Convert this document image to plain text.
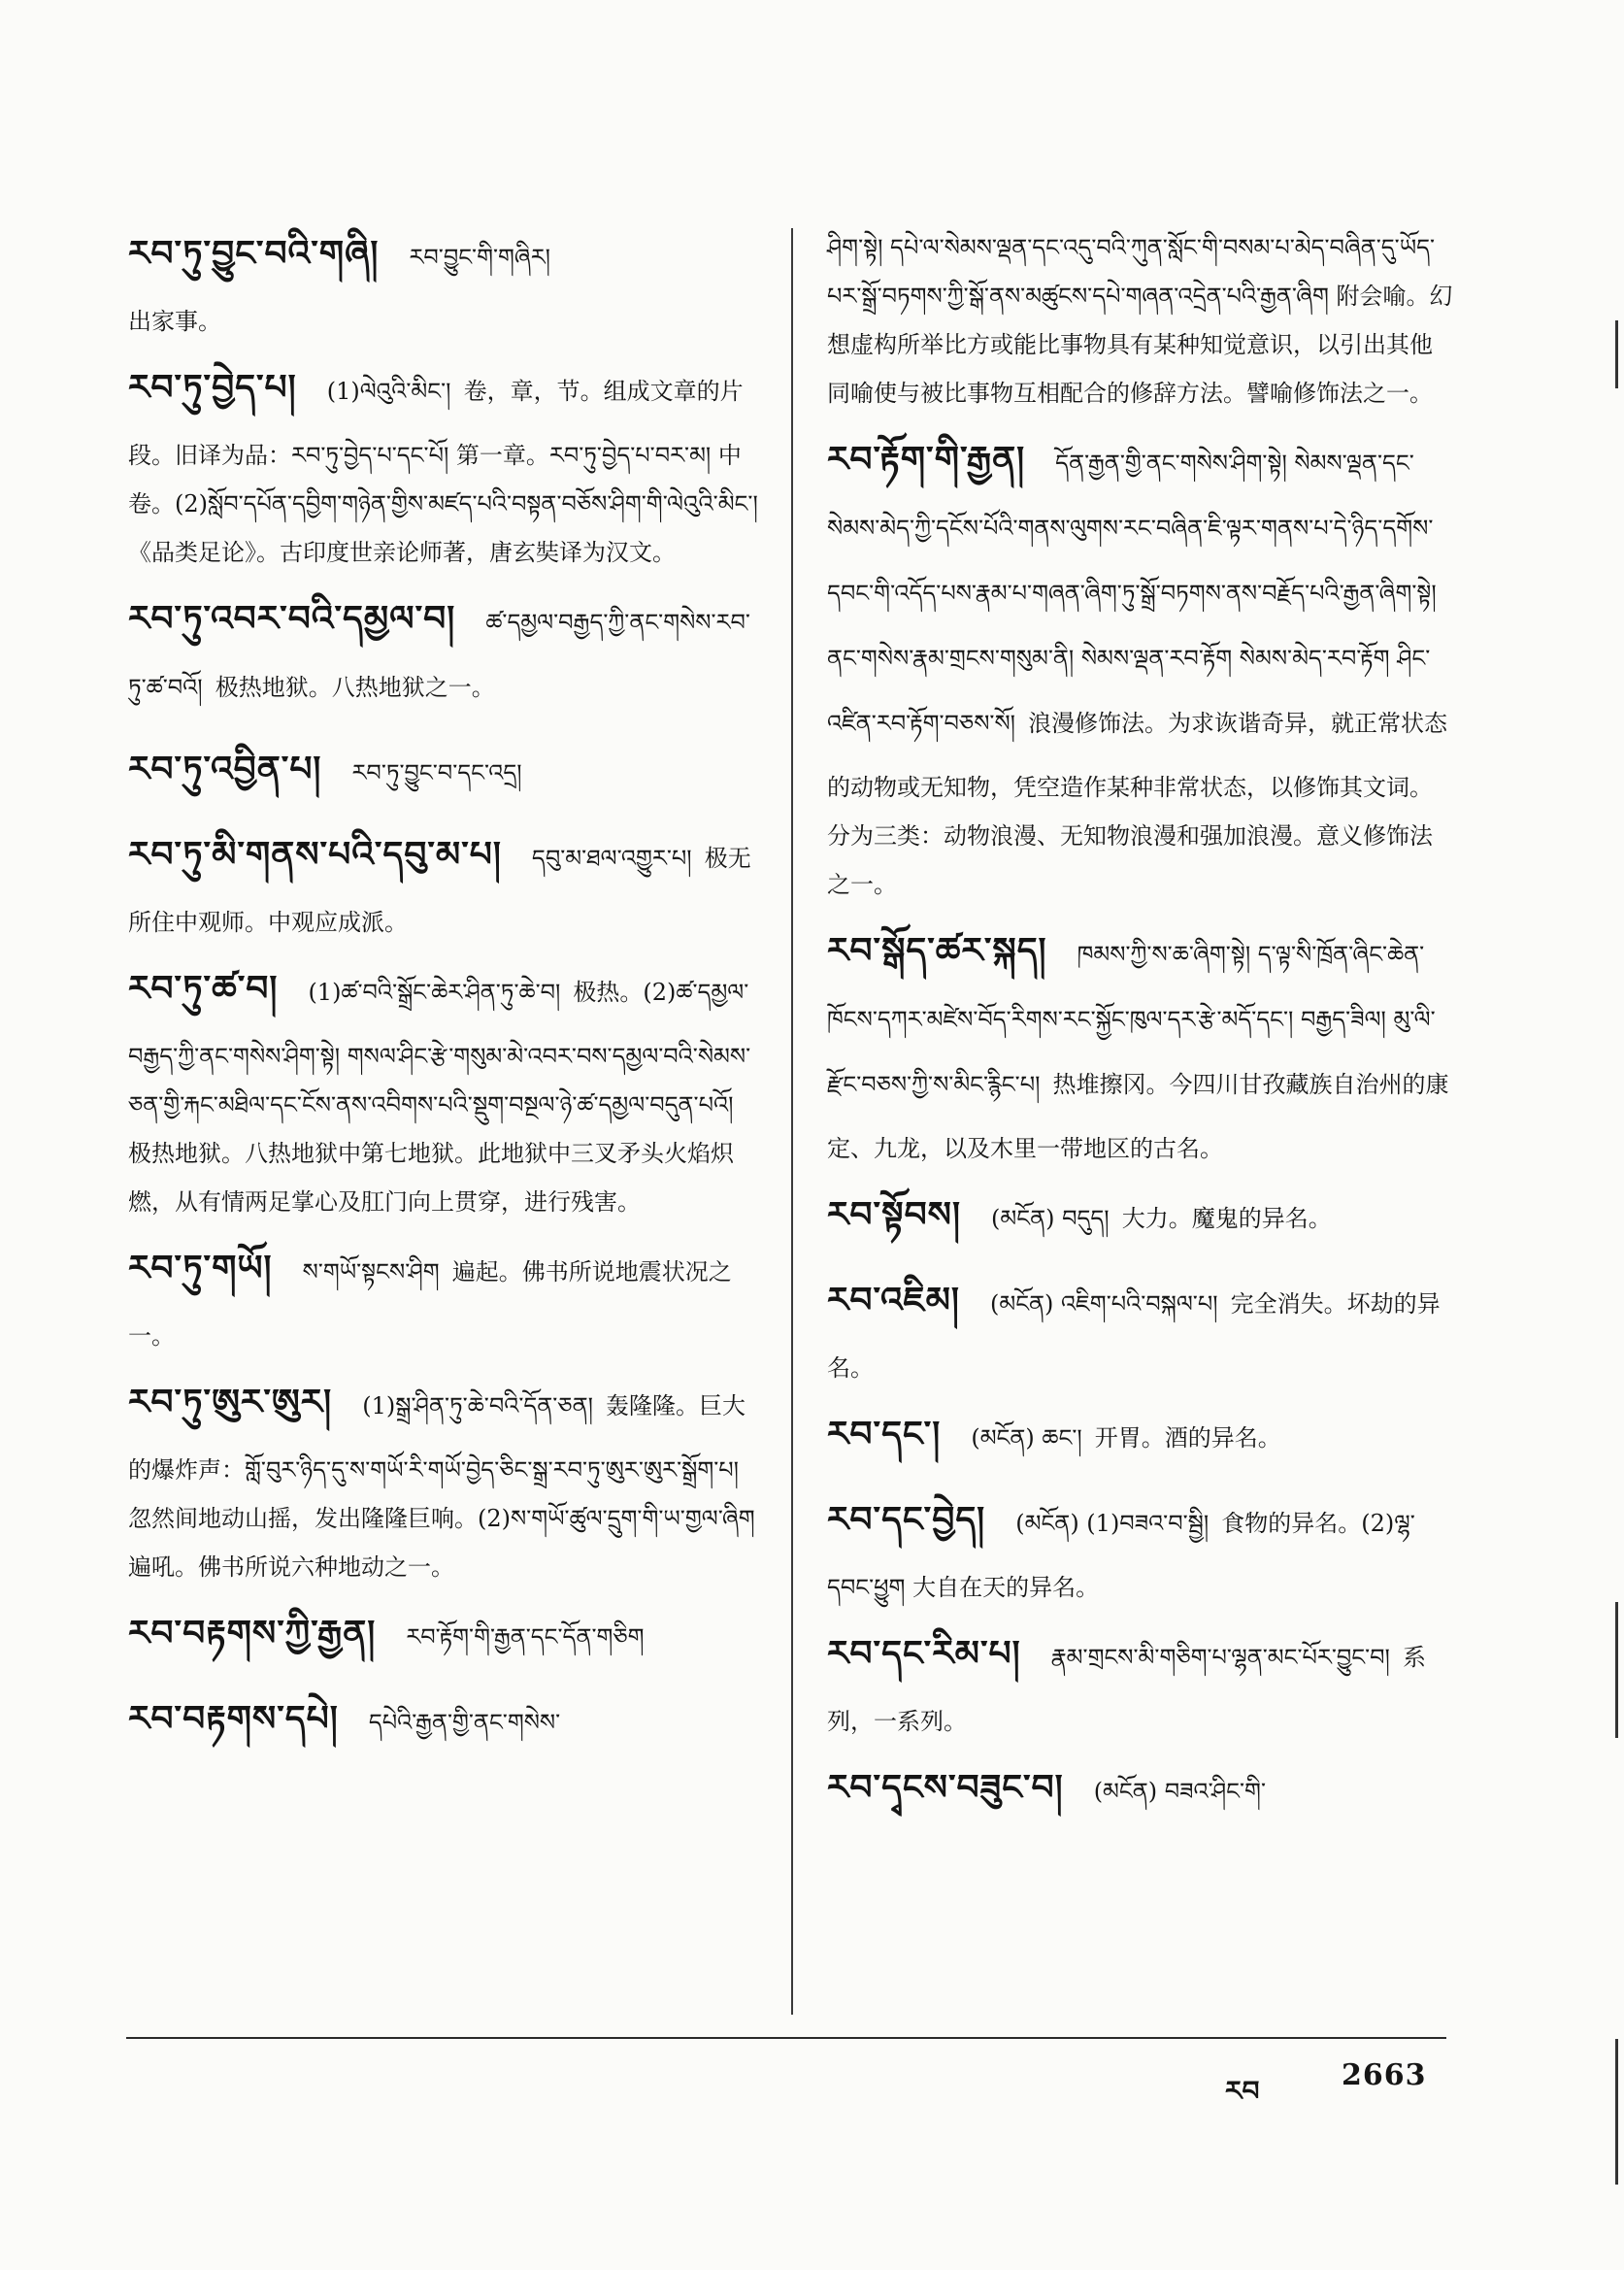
རབ་ཏུ་བྱུང་བའི་གཞི། རབ་བྱུང་གི་གཞིར།
出家事。
རབ་ཏུ་བྱེད་པ། (1)ལེའུའི་མིང་། 卷，章，节。组成文章的片段。旧译为品：རབ་ཏུ་བྱེད་པ་དང་པོ། 第一章。རབ་ཏུ་བྱེད་པ་བར་མ། 中卷。(2)སློབ་དཔོན་དབྱིག་གཉེན་གྱིས་མཛད་པའི་བསྟན་བཅོས་ཤིག་གི་ལེའུའི་མིང་། 《品类足论》。古印度世亲论师著，唐玄奘译为汉文。
རབ་ཏུ་འབར་བའི་དམྱལ་བ། ཚ་དམྱལ་བརྒྱད་ཀྱི་ནང་གསེས་རབ་ཏུ་ཚ་བའོ། 极热地狱。八热地狱之一。
རབ་ཏུ་འབྱིན་པ། རབ་ཏུ་བྱུང་བ་དང་འདྲ།
རབ་ཏུ་མི་གནས་པའི་དབུ་མ་པ། དབུ་མ་ཐལ་འགྱུར་པ། 极无所住中观师。中观应成派。
རབ་ཏུ་ཚ་བ། (1)ཚ་བའི་སྒྲོང་ཆེར་ཤིན་ཏུ་ཆེ་བ། 极热。(2)ཚ་དམྱལ་བརྒྱད་ཀྱི་ནང་གསེས་ཤིག་སྟེ། གསལ་ཤིང་རྩེ་གསུམ་མེ་འབར་བས་དམྱལ་བའི་སེམས་ཅན་གྱི་རྐང་མཐིལ་དང་ངོས་ནས་འབིགས་པའི་སྡུག་བསྔལ་ཉེ་ཚ་དམྱལ་བདུན་པའོ། 极热地狱。八热地狱中第七地狱。此地狱中三叉矛头火焰炽燃，从有情两足掌心及肛门向上贯穿，进行残害。
རབ་ཏུ་གཡོ། ས་གཡོ་སྟངས་ཤིག 遍起。佛书所说地震状况之一。
རབ་ཏུ་ཨུར་ཨུར། (1)སྒྲ་ཤིན་ཏུ་ཆེ་བའི་དོན་ཅན། 轰隆隆。巨大的爆炸声：གློ་བུར་ཉིད་དུ་ས་གཡོ་རི་གཡོ་བྱེད་ཅིང་སྒྲ་རབ་ཏུ་ཨུར་ཨུར་སྒྲོག་པ། 忽然间地动山摇，发出隆隆巨响。(2)ས་གཡོ་ཚུལ་དྲུག་གི་ཡ་གྱལ་ཞིག 遍吼。佛书所说六种地动之一。
རབ་བརྟགས་ཀྱི་རྒྱན། རབ་རྟོག་གི་རྒྱན་དང་དོན་གཅིག
རབ་བརྟགས་དཔེ། དཔེའི་རྒྱན་གྱི་ནང་གསེས་
ཤིག་སྟེ། དཔེ་ལ་སེམས་ལྡན་དང་འདུ་བའི་ཀུན་སློང་གི་བསམ་པ་མེད་བཞིན་དུ་ཡོད་པར་སྒྲོ་བཏགས་ཀྱི་སྒོ་ནས་མཚུངས་དཔེ་གཞན་འདྲེན་པའི་རྒྱན་ཞིག 附会喻。幻想虚构所举比方或能比事物具有某种知觉意识，以引出其他同喻使与被比事物互相配合的修辞方法。譬喻修饰法之一。
རབ་རྟོག་གི་རྒྱན། དོན་རྒྱན་གྱི་ནང་གསེས་ཤིག་སྟེ། སེམས་ལྡན་དང་སེམས་མེད་ཀྱི་དངོས་པོའི་གནས་ལུགས་རང་བཞིན་ཇི་ལྟར་གནས་པ་དེ་ཉིད་དགོས་དབང་གི་འདོད་པས་རྣམ་པ་གཞན་ཞིག་ཏུ་སྒྲོ་བཏགས་ནས་བརྗོད་པའི་རྒྱན་ཞིག་སྟེ། ནང་གསེས་རྣམ་གྲངས་གསུམ་ནི། སེམས་ལྡན་རབ་རྟོག སེམས་མེད་རབ་རྟོག ཤིང་འཛིན་རབ་རྟོག་བཅས་སོ། 浪漫修饰法。为求诙谐奇异，就正常状态的动物或无知物，凭空造作某种非常状态，以修饰其文词。分为三类：动物浪漫、无知物浪漫和强加浪漫。意义修饰法之一。
རབ་སྒོད་ཚར་སྐད། ཁམས་ཀྱི་ས་ཆ་ཞིག་སྟེ། ད་ལྟ་སི་ཁྲོན་ཞིང་ཆེན་ཁོངས་དཀར་མཛེས་བོད་རིགས་རང་སྐྱོང་ཁུལ་དར་རྩེ་མདོ་དང་། བརྒྱད་ཟིལ། མུ་ལི་རྫོང་བཅས་ཀྱི་ས་མིང་རྙིང་པ། 热堆擦冈。今四川甘孜藏族自治州的康定、九龙，以及木里一带地区的古名。
རབ་སྟོབས། (མངོན) བདུད། 大力。魔鬼的异名。
རབ་འཇིམ། (མངོན) འཇིག་པའི་བསྐལ་པ། 完全消失。坏劫的异名。
རབ་དང་། (མངོན) ཆང་། 开胃。酒的异名。
རབ་དང་བྱེད། (མངོན) (1)བཟའ་བ་སྦྱི། 食物的异名。(2)ལྷ་དབང་ཕྱུག 大自在天的异名。
རབ་དང་རིམ་པ། རྣམ་གྲངས་མི་གཅིག་པ་ལྷན་མང་པོར་བྱུང་བ། 系列，一系列。
རབ་དྭངས་བཟུང་བ། (མངོན) བཟའ་ཤིང་གི་
རབ	2663
